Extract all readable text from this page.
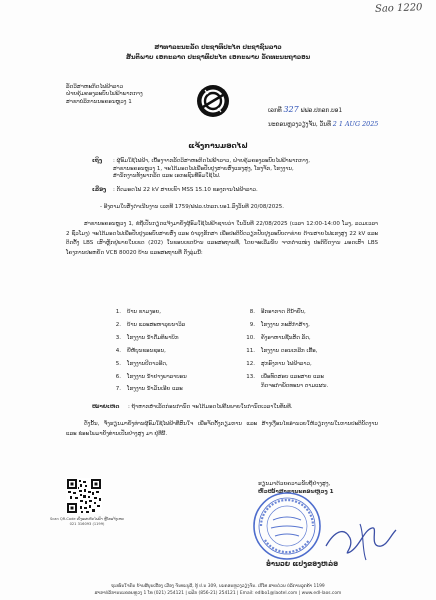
Sao 1220
ສາທາລະນະລັດ ປະຊາທິປະໄຕ ປະຊາຊົນລາວ
ສັນຕິພາບ ເອກະລາດ ປະຊາທິປະໄຕ ເອກະພາບ ວັດທະນະຖາວອນ
ລັດວິສາຫະກິດໄຟຟ້າລາວ
ຝ່າຍຄຸ້ມຄອງລະບົບໄຟຟ້າພາກກາງ
ສາຂາບໍລິການນະຄອນຫຼວງ 1
ເລກທີ 327 ຟຟລ.ປກລກ.ບອ1
ນະຄອນຫຼວງວຽງຈັນ, ວັນທີ 2 1 AUG 2025
ແຈ້ງການມອດໄຟ
ເຖິງ : ຜູ້ອົມໃຊ້ໄຟຟ້າ, ເບື້ອງຈາກລັດວິສາຫະກິດໄຟຟ້າລາວ, ຝ່າຍຄຸ້ມຄອງລະບົບໄຟຟ້າພາກກາງ,
ສາຂານະຄອນຫຼວງ 1, ຈະໄດ້ມອດໄຟເພື່ອປັບປຸງສາຍສົ່ງແຮງສູງ, ໂຮງຈັກ, ໂຮງງານ,
ສຳນັກງານທັງພາກລັດ ແລະ ເອກະຊົນທີ່ອົມໃຊ້ໄຟ.
ເລື່ອງ : ຕັດມອດໄຟ 22 kV ສາຍເຂົາ MSS 15.10 ຂອງການໄຟຟ້າລາວ.
- ອີງຕາມໃບສັ່ງດຳເນີນງານ ເລກທີ 1759/ຟຟລ.ປກລກ.ບອ1.ລົງວັນທີ 20/08/2025.
ສາຂານະຄອນຫຼວງ 1, ຂໍຖືເປັນກຽດແຈ້ງມາຍັງຜູ້ອົມໃຊ້ໄຟຟ້າຊາບວ່າ ໃນວັນທີ 22/08/2025 (ເວລາ 12:00-14:00 ໂມງ, ລວມເວລາ 2 ຊົ່ວໂມງ) ຈະໄດ້ມອດໄຟເພື່ອປັບປຸງລະບົບສາຍສົ່ງ ແລະ ບຳລຸງຮັກສາ ເພື່ອປະຕິບັດວຽກປັບປຸງລະບົບຕາຂ່າຍ ດ້ານສາຍໄຟແຮງສູງ 22 kV ແລະ ຕິດຕັ້ງ LBS ເສົາຫຼັກຢູ່ພາຍໃນເຂດ (202) ໃນຂອບເຂດບ້ານ ແລະສະຖານທີ່, ໂດຍຈະເລີ່ມນັບ ຈາກຕຳແໜ່ງ ປະຕິບັດງານ ມອດເສົາ LBS ໂຄງການປະຫຍັດ VCB 80020 ບ້ານ ແລະສະຖານທີ່ ດັ່ງລຸ່ມນີ້:
1. ບ້ານ ຂາມງອຍ,
2. ບ້ານ ແລະສະຫາລຸຍນາວິລ
3. ໂຮງງານ ນໍ້າດື່ມທິພາບິກ
4. ຍີ່ຫໍ້ບຸນຂອນຊອນ,
5. ໂຮງງານປີດາວອີດ,
6. ໂຮງງານ ນໍ້າຢາງພາລາບອນ
7. ໂຮງງານ ນໍ້າມັນເອີຍ ແລະ
8. ອີກອາກາດ ຕີນ້ຳຢົບ,
9. ໂຮງງານ ກະສິກຳສ້າງ,
10. ຄັງອາຫານຊີ້ນສັດ ລັດ,
11. ໂຮງງານ ດອນເກລີກ ເຮື້ອ,
12. ສຸກອົງການ ໄຟຟ້າລາວ,
13. ເພື່ອທົດສອບ ແລະສາຍ ແລະ
ກິດຈະກຳພັດທະນາ ຕາມແຜນ.
ໝາຍເຫດ : ຖ້າຫາກສຳເລັດກ່ອນກຳນົດ ຈະໄດ້ມອດໄຟຄືນພາຍໃນກຳນົດເວລາໃນທັນທີ.
ດັ່ງນັ້ນ, ຈຶ່ງຮຽນມາຍັງທ່ານຜູ້ອົມໃຊ້ໄຟຟ້າທີ່ສົນໃຈ ເພື່ອຈັດຕັ້ງກຽມການ ແລະ ສ້າງເງື່ອນໄຂອຳນວຍໃຫ້ວຽກງານໃນການປະຕິບັດງານ ແລະ ຂໍອະໄພມາຍັງທ່ານເປັນຢ່າງສູງ ມາ ຢູ່ທີ່ນີ້.
Scan QR-Code ເບິ່ງແຜນຕັດໄຟຟ້າ ຫຼືໂທແຈ້ງເຫດ 021 316093 (1199)
ຮຽນມາດ້ວຍຄວາມນັບຖືຢ່າງສູງ,
ຫົວໜ້າສາຂານະຄອນຫຼວງ 1
ອຳນວຍ ແປງຂອງຫລ່ອ
ຖະໜົນໃຈກັນ ບ້ານສີບຸນເຮືອງ ເມືອງ ຈັນທະບູລີ, ຕູ້ ປ.ນ 309, ນະຄອນຫຼວງວຽງຈັນ. ເບີໂທ ສາຍດ່ວນ ບໍລິການລູກຄ້າ 1199
ສາຂາບໍລິການນະຄອນຫຼວງ 1 ໂທ (021) 254121 | ແຟັກ (856-21) 254121 | Email: edlbo1@laotel.com | www.edl-laos.com
